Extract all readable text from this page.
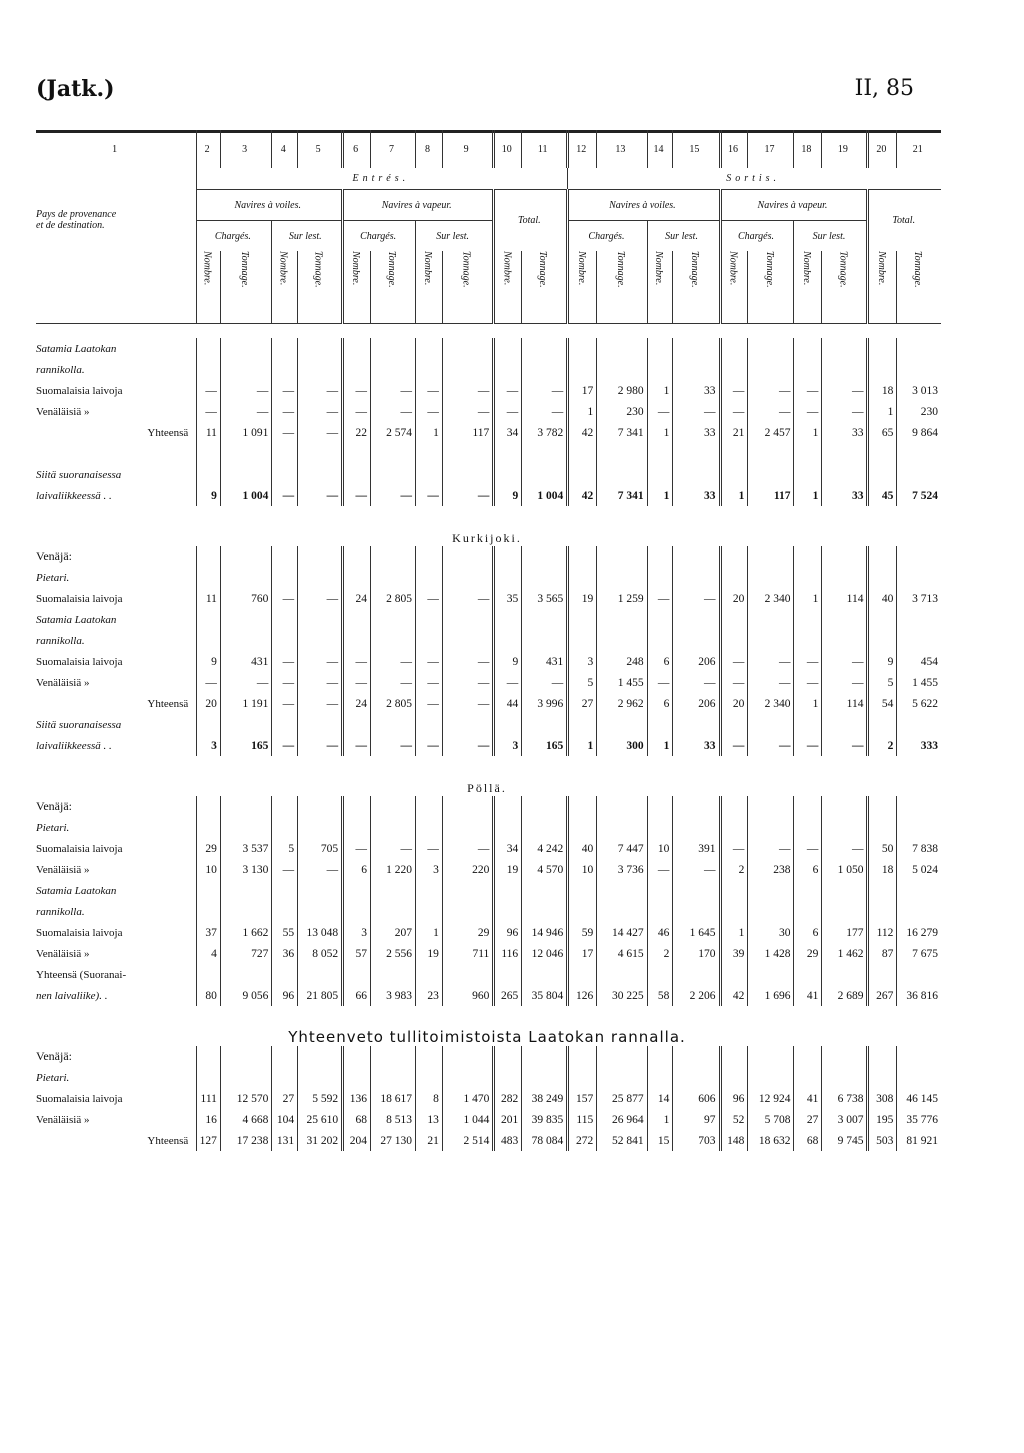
(Jatk.)	II, 85
1	2	3	4	5	6	7	8	9	10	11	12	13	14	15	16	17	18	19	20	21
	Entrés.										Sortis.									

Pays de provenance
et de destination.	Navires à voiles.				Navires à vapeur.				Total.		Navires à voiles.				Navires à vapeur.				Total.	
	Chargés.		Sur lest.		Chargés.		Sur lest.				Chargés.		Sur lest.		Chargés.		Sur lest.			
	Nombre.	Tonnage.	Nombre.	Tonnage.	Nombre.	Tonnage.	Nombre.	Tonnage.	Nombre.	Tonnage.	Nombre.	Tonnage.	Nombre.	Tonnage.	Nombre.	Tonnage.	Nombre.	Tonnage.	Nombre.	Tonnage.

Satamia Laatokan																				
rannikolla.																				
Suomalaisia laivoja	—	—	—	—	—	—	—	—	—	—	17	2 980	1	33	—	—	—	—	18	3 013
Venäläisiä »	—	—	—	—	—	—	—	—	—	—	1	230	—	—	—	—	—	—	1	230
Yhteensä	11	1 091	—	—	22	2 574	1	117	34	3 782	42	7 341	1	33	21	2 457	1	33	65	9 864

Siitä suoranaisessa																				
laivaliikkeessä . .	9	1 004	—	—	—	—	—	—	9	1 004	42	7 341	1	33	1	117	1	33	45	7 524
Kurkijoki.																				
Venäjä:																				
Pietari.																				
Suomalaisia laivoja	11	760	—	—	24	2 805	—	—	35	3 565	19	1 259	—	—	20	2 340	1	114	40	3 713
Satamia Laatokan																				
rannikolla.																				
Suomalaisia laivoja	9	431	—	—	—	—	—	—	9	431	3	248	6	206	—	—	—	—	9	454
Venäläisiä »	—	—	—	—	—	—	—	—	—	—	5	1 455	—	—	—	—	—	—	5	1 455
Yhteensä	20	1 191	—	—	24	2 805	—	—	44	3 996	27	2 962	6	206	20	2 340	1	114	54	5 622
Siitä suoranaisessa																				
laivaliikkeessä . .	3	165	—	—	—	—	—	—	3	165	1	300	1	33	—	—	—	—	2	333
Pöllä.																				
Venäjä:																				
Pietari.																				
Suomalaisia laivoja	29	3 537	5	705	—	—	—	—	34	4 242	40	7 447	10	391	—	—	—	—	50	7 838
Venäläisiä »	10	3 130	—	—	6	1 220	3	220	19	4 570	10	3 736	—	—	2	238	6	1 050	18	5 024
Satamia Laatokan																				
rannikolla.																				
Suomalaisia laivoja	37	1 662	55	13 048	3	207	1	29	96	14 946	59	14 427	46	1 645	1	30	6	177	112	16 279
Venäläisiä »	4	727	36	8 052	57	2 556	19	711	116	12 046	17	4 615	2	170	39	1 428	29	1 462	87	7 675
Yhteensä (Suoranai-																				
nen laivaliike). .	80	9 056	96	21 805	66	3 983	23	960	265	35 804	126	30 225	58	2 206	42	1 696	41	2 689	267	36 816
Yhteenveto tullitoimistoista Laatokan rannalla.																				
Venäjä:																				
Pietari.																				
Suomalaisia laivoja	111	12 570	27	5 592	136	18 617	8	1 470	282	38 249	157	25 877	14	606	96	12 924	41	6 738	308	46 145
Venäläisiä »	16	4 668	104	25 610	68	8 513	13	1 044	201	39 835	115	26 964	1	97	52	5 708	27	3 007	195	35 776
Yhteensä	127	17 238	131	31 202	204	27 130	21	2 514	483	78 084	272	52 841	15	703	148	18 632	68	9 745	503	81 921
